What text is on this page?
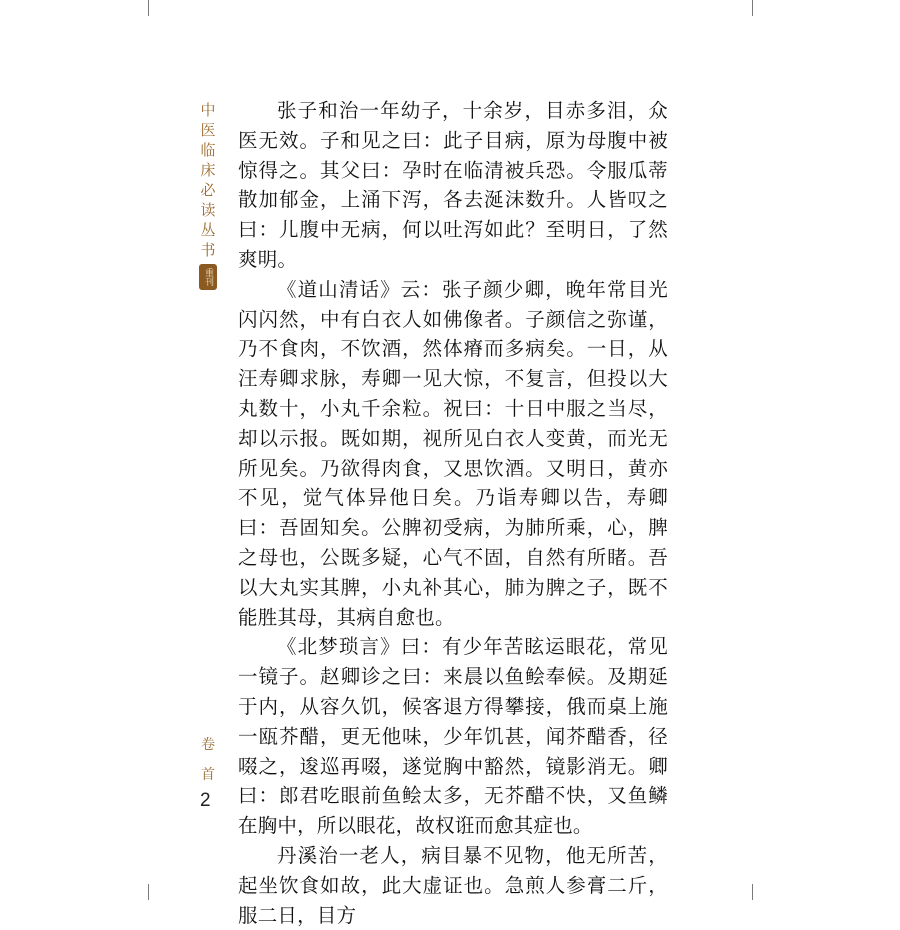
中
医
临
床
必
读
丛
书
重刊
卷
首
2

张子和治一年幼子，十余岁，目赤多泪，众医无效。子和见之曰：此子目病，原为母腹中被惊得之。其父曰：孕时在临清被兵恐。令服瓜蒂散加郁金，上涌下泻，各去涎沫数升。人皆叹之曰：儿腹中无病，何以吐泻如此？至明日，了然爽明。

《道山清话》云：张子颜少卿，晚年常目光闪闪然，中有白衣人如佛像者。子颜信之弥谨，乃不食肉，不饮酒，然体瘠而多病矣。一日，从汪寿卿求脉，寿卿一见大惊，不复言，但投以大丸数十，小丸千余粒。祝曰：十日中服之当尽，却以示报。既如期，视所见白衣人变黄，而光无所见矣。乃欲得肉食，又思饮酒。又明日，黄亦不见，觉气体异他日矣。乃诣寿卿以告，寿卿曰：吾固知矣。公脾初受病，为肺所乘，心，脾之母也，公既多疑，心气不固，自然有所睹。吾以大丸实其脾，小丸补其心，肺为脾之子，既不能胜其母，其病自愈也。

《北梦琐言》曰：有少年苦眩运眼花，常见一镜子。赵卿诊之曰：来晨以鱼鲙奉候。及期延于内，从容久饥，候客退方得攀接，俄而桌上施一瓯芥醋，更无他味，少年饥甚，闻芥醋香，径啜之，逡巡再啜，遂觉胸中豁然，镜影消无。卿曰：郎君吃眼前鱼鲙太多，无芥醋不快，又鱼鳞在胸中，所以眼花，故权诳而愈其症也。

丹溪治一老人，病目暴不见物，他无所苦，起坐饮食如故，此大虚证也。急煎人参膏二斤，服二日，目方
